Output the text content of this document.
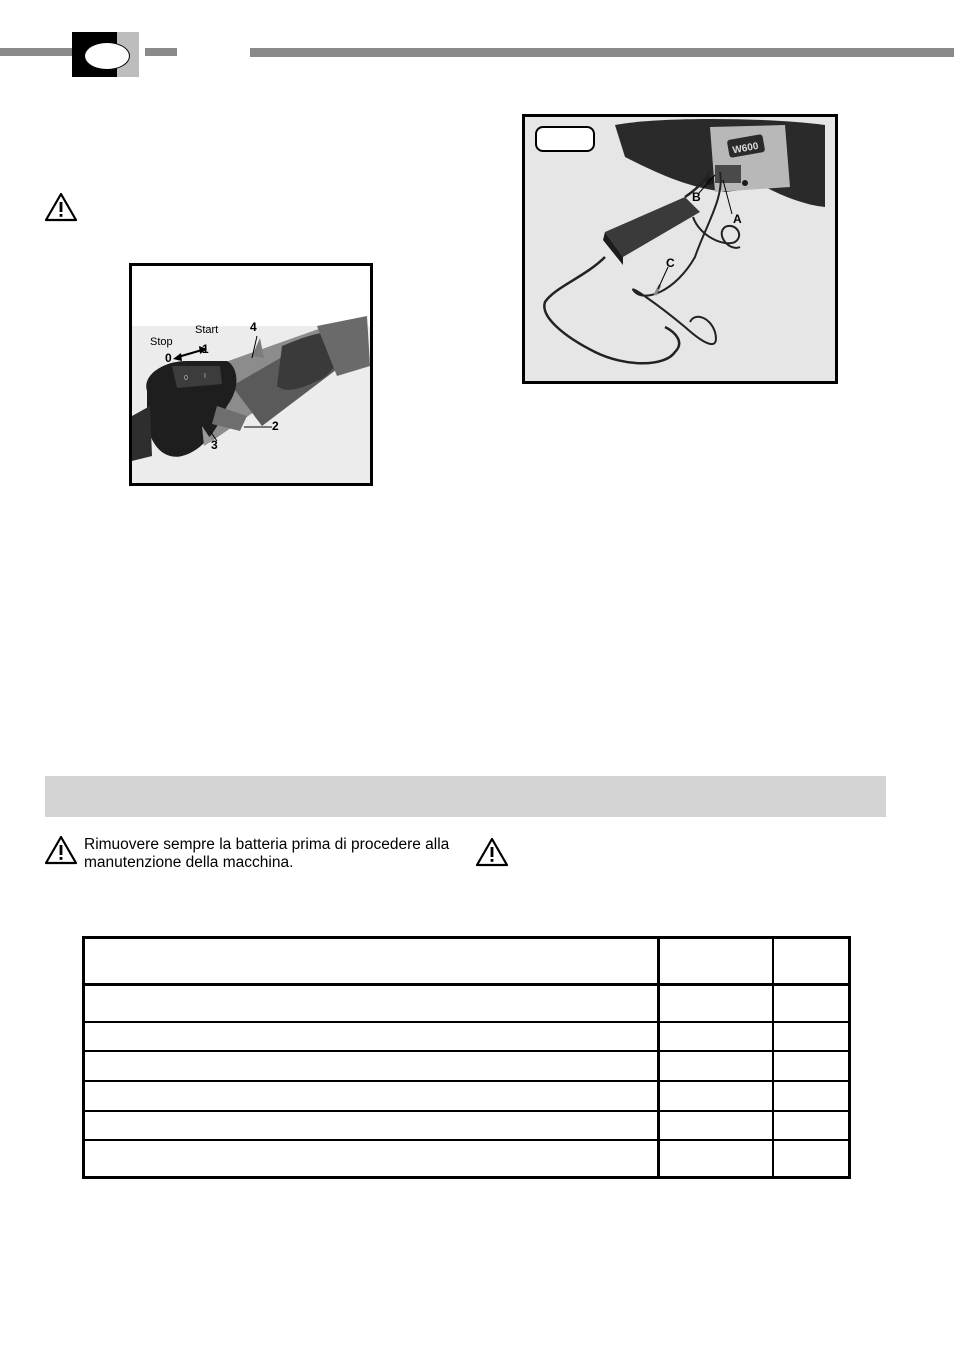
0 I
Start
Stop 1
0
4
2
3
W600
B
A
C
Rimuovere sempre la batteria prima di procedere alla manutenzione della macchina.
